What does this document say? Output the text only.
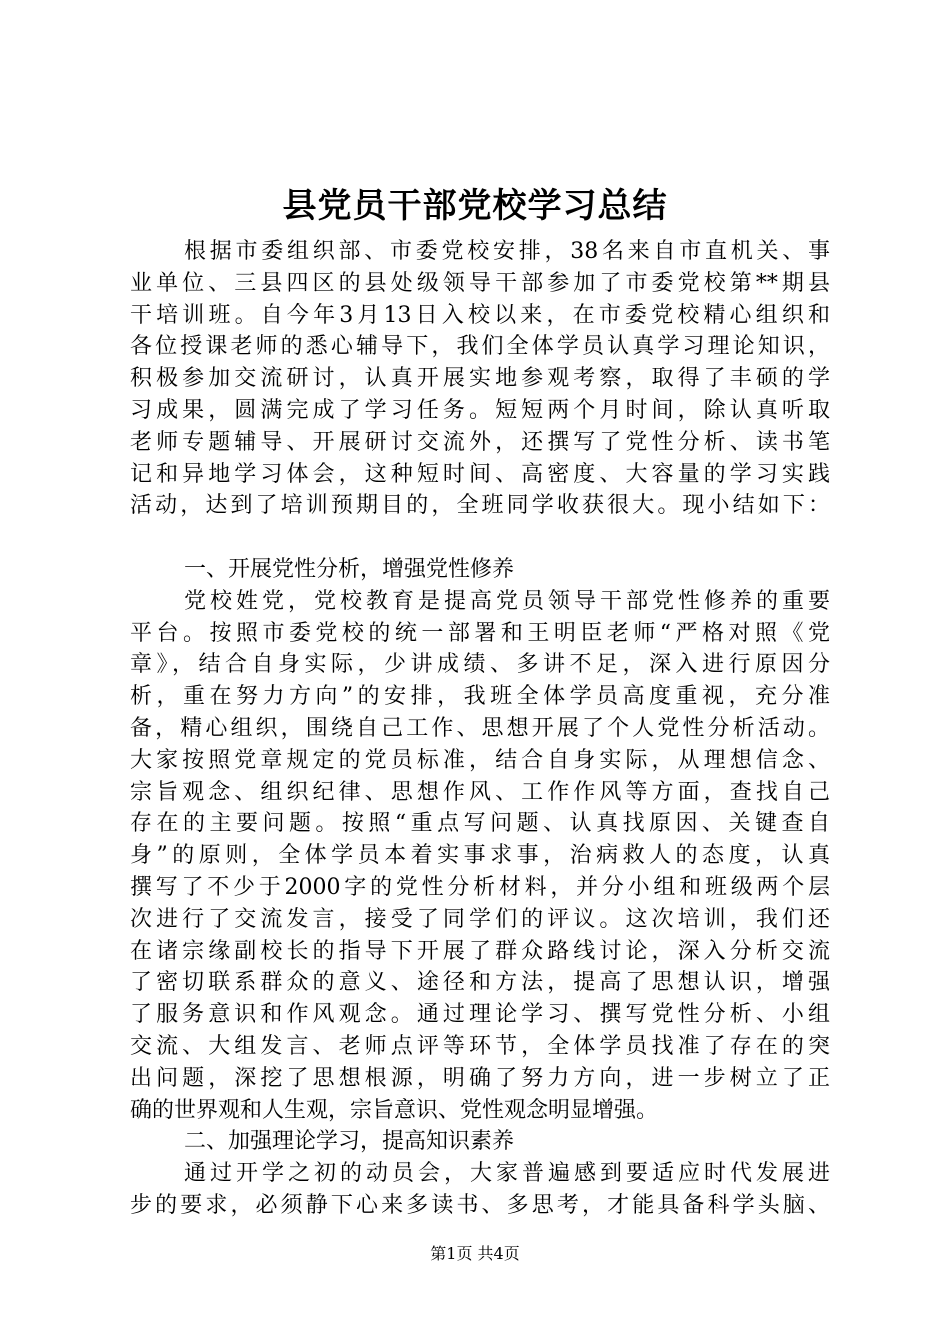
县党员干部党校学习总结
根据市委组织部、市委党校安排，38名来自市直机关、事
业单位、三县四区的县处级领导干部参加了市委党校第**期县
干培训班。自今年3月13日入校以来，在市委党校精心组织和
各位授课老师的悉心辅导下，我们全体学员认真学习理论知识，
积极参加交流研讨，认真开展实地参观考察，取得了丰硕的学
习成果，圆满完成了学习任务。短短两个月时间，除认真听取
老师专题辅导、开展研讨交流外，还撰写了党性分析、读书笔
记和异地学习体会，这种短时间、高密度、大容量的学习实践
活动，达到了培训预期目的，全班同学收获很大。现小结如下：
一、开展党性分析，增强党性修养
党校姓党，党校教育是提高党员领导干部党性修养的重要
平台。按照市委党校的统一部署和王明臣老师“严格对照《党
章》，结合自身实际，少讲成绩、多讲不足，深入进行原因分
析，重在努力方向”的安排，我班全体学员高度重视，充分准
备，精心组织，围绕自己工作、思想开展了个人党性分析活动。
大家按照党章规定的党员标准，结合自身实际，从理想信念、
宗旨观念、组织纪律、思想作风、工作作风等方面，查找自己
存在的主要问题。按照“重点写问题、认真找原因、关键查自
身”的原则，全体学员本着实事求事，治病救人的态度，认真
撰写了不少于2000字的党性分析材料，并分小组和班级两个层
次进行了交流发言，接受了同学们的评议。这次培训，我们还
在诸宗缘副校长的指导下开展了群众路线讨论，深入分析交流
了密切联系群众的意义、途径和方法，提高了思想认识，增强
了服务意识和作风观念。通过理论学习、撰写党性分析、小组
交流、大组发言、老师点评等环节，全体学员找准了存在的突
出问题，深挖了思想根源，明确了努力方向，进一步树立了正
确的世界观和人生观，宗旨意识、党性观念明显增强。
二、加强理论学习，提高知识素养
通过开学之初的动员会，大家普遍感到要适应时代发展进
步的要求，必须静下心来多读书、多思考，才能具备科学头脑、
第1页 共4页
